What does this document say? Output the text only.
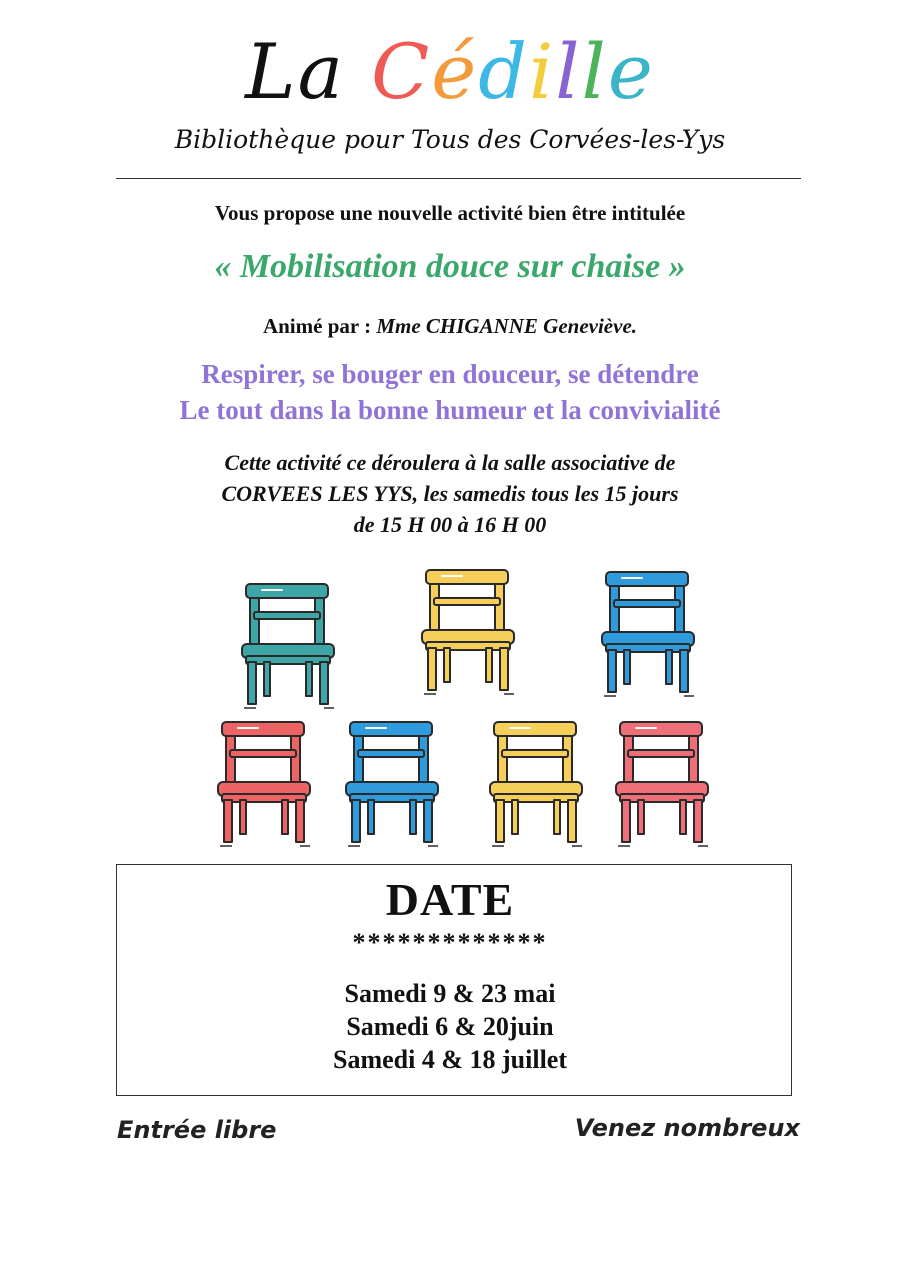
La Cédille
Bibliothèque pour Tous des Corvées-les-Yys
Vous propose une nouvelle activité bien être intitulée
« Mobilisation douce sur chaise »
Animé par : Mme CHIGANNE Geneviève.
Respirer, se bouger en douceur, se détendre
Le tout dans la bonne humeur et la convivialité
Cette activité ce déroulera à la salle associative de
CORVEES LES YYS, les samedis tous les 15 jours
de 15 H 00 à 16 H 00
DATE
*************
Samedi 9 & 23 mai
Samedi 6 & 20juin
Samedi 4 & 18 juillet
Entrée libre	Venez nombreux
